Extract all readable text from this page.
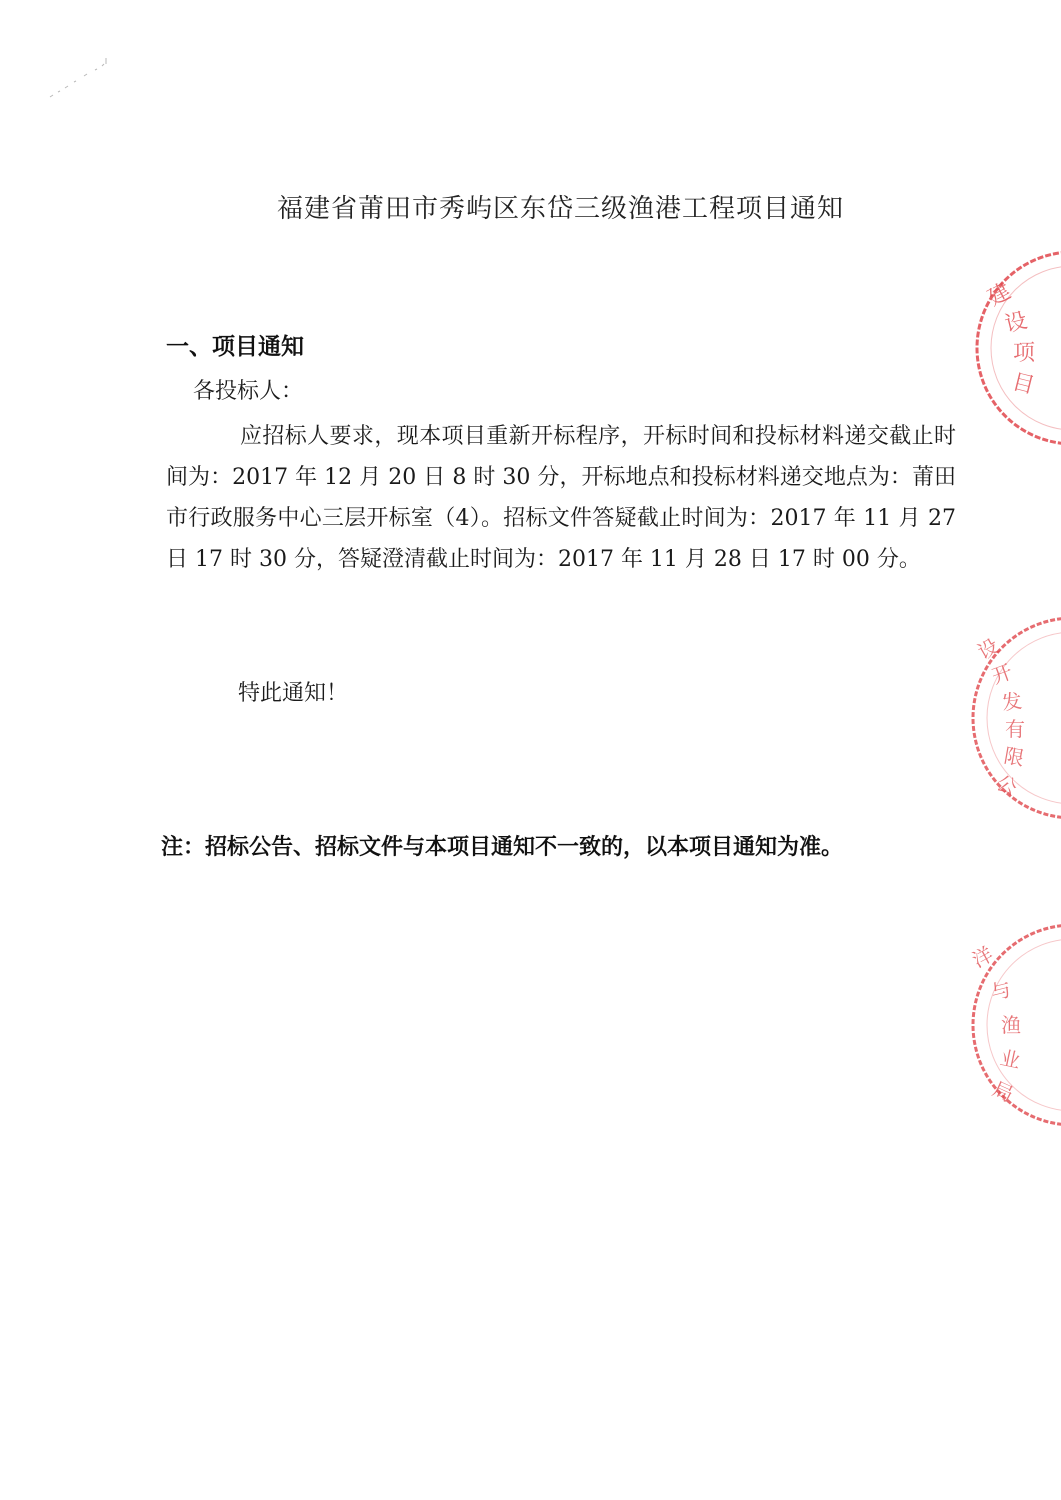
福建省莆田市秀屿区东岱三级渔港工程项目通知
一、项目通知
各投标人：

应招标人要求，现本项目重新开标程序，开标时间和投标材料递交截止时间为：2017 年 12 月 20 日 8 时 30 分，开标地点和投标材料递交地点为：莆田市行政服务中心三层开标室（4）。招标文件答疑截止时间为：2017 年 11 月 27 日 17 时 30 分，答疑澄清截止时间为：2017 年 11 月 28 日 17 时 00 分。

特此通知！
注：招标公告、招标文件与本项目通知不一致的，以本项目通知为准。
建
设
项
目
设
开
发
有
限
公
洋
与
渔
业
局
